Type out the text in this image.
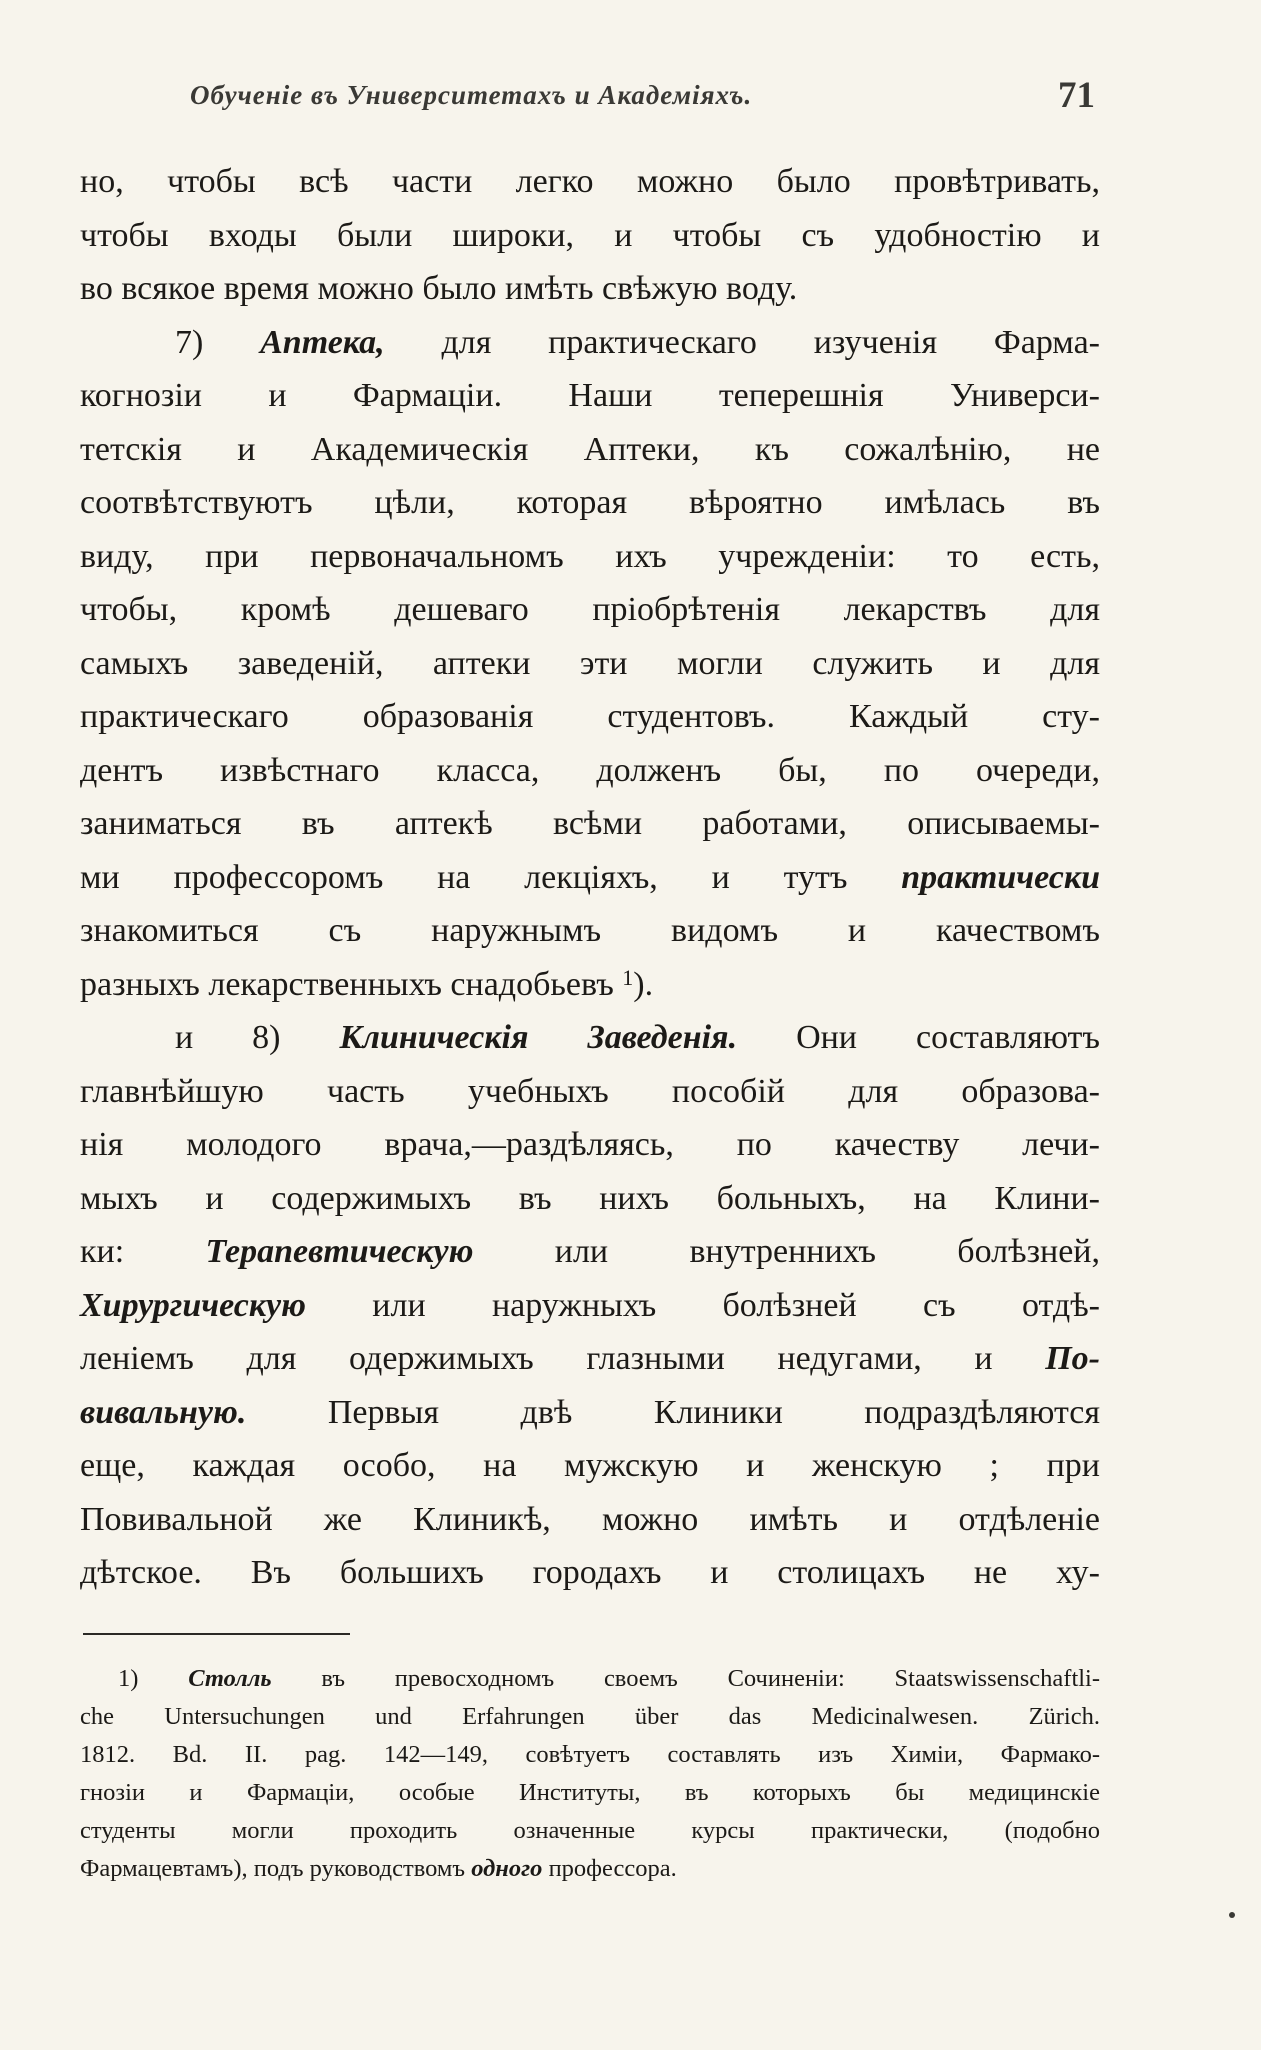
Обученіе въ Университетахъ и Академіяхъ.	71
но, чтобы всѣ части легко можно было провѣтривать,
чтобы входы были широки, и чтобы съ удобностію и
во всякое время можно было имѣть свѣжую воду.
7) Аптека, для практическаго изученія Фарма-
когнозіи и Фармаціи. Наши теперешнія Универси-
тетскія и Академическія Аптеки, къ сожалѣнію, не
соотвѣтствуютъ цѣли, которая вѣроятно имѣлась въ
виду, при первоначальномъ ихъ учрежденіи: то есть,
чтобы, кромѣ дешеваго пріобрѣтенія лекарствъ для
самыхъ заведеній, аптеки эти могли служить и для
практическаго образованія студентовъ. Каждый сту-
дентъ извѣстнаго класса, долженъ бы, по очереди,
заниматься въ аптекѣ всѣми работами, описываемы-
ми профессоромъ на лекціяхъ, и тутъ практически
знакомиться съ наружнымъ видомъ и качествомъ
разныхъ лекарственныхъ снадобьевъ $^1$).
и 8) Клиническія Заведенія. Они составляютъ
главнѣйшую часть учебныхъ пособій для образова-
нія молодого врача,—раздѣляясь, по качеству лечи-
мыхъ и содержимыхъ въ нихъ больныхъ, на Клини-
ки: Терапевтическую или внутреннихъ болѣзней,
Хирургическую или наружныхъ болѣзней съ отдѣ-
леніемъ для одержимыхъ глазными недугами, и По-
вивальную. Первыя двѣ Клиники подраздѣляются
еще, каждая особо, на мужскую и женскую ; при
Повивальной же Клиникѣ, можно имѣть и отдѣленіе
дѣтское. Въ большихъ городахъ и столицахъ не ху-
1) Столль въ превосходномъ своемъ Сочиненіи: Staatswissenschaftli-
che Untersuchungen und Erfahrungen über das Medicinalwesen. Zürich.
1812. Bd. II. pag. 142—149, совѣтуетъ составлять изъ Химіи, Фармако-
гнозіи и Фармаціи, особые Институты, въ которыхъ бы медицинскіе
студенты могли проходить означенные курсы практически, (подобно
Фармацевтамъ), подъ руководствомъ одного профессора.
